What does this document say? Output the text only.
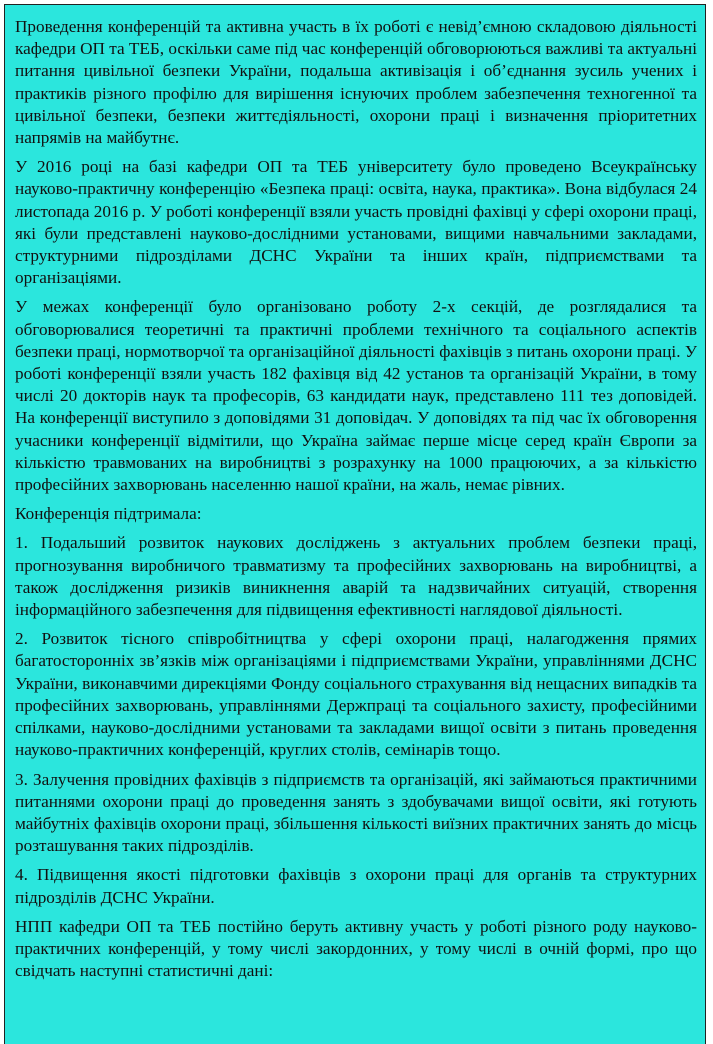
Проведення конференцій та активна участь в їх роботі є невід’ємною складовою діяльності кафедри ОП та ТЕБ, оскільки саме під час конференцій обговорюються важливі та актуальні питання цивільної безпеки України, подальша активізація і об’єднання зусиль учених і практиків різного профілю для вирішення існуючих проблем забезпечення техногенної та цивільної безпеки, безпеки життєдіяльності, охорони праці і визначення пріоритетних напрямів на майбутнє.

У 2016 році на базі кафедри ОП та ТЕБ університету було проведено Всеукраїнську науково-практичну конференцію «Безпека праці: освіта, наука, практика». Вона відбулася 24 листопада 2016 р. У роботі конференції взяли участь провідні фахівці у сфері охорони праці, які були представлені науково-дослідними установами, вищими навчальними закладами, структурними підрозділами ДСНС України та інших країн, підприємствами та організаціями.

У межах конференції було організовано роботу 2-х секцій, де розглядалися та обговорювалися теоретичні та практичні проблеми технічного та соціального аспектів безпеки праці, нормотворчої та організаційної діяльності фахівців з питань охорони праці. У роботі конференції взяли участь 182 фахівця від 42 установ та організацій України, в тому числі 20 докторів наук та професорів, 63 кандидати наук, представлено 111 тез доповідей. На конференції виступило з доповідями 31 доповідач. У доповідях та під час їх обговорення учасники конференції відмітили, що Україна займає перше місце серед країн Європи за кількістю травмованих на виробництві з розрахунку на 1000 працюючих, а за кількістю професійних захворювань населенню нашої країни, на жаль, немає рівних.

Конференція підтримала:

1. Подальший розвиток наукових досліджень з актуальних проблем безпеки праці, прогнозування виробничого травматизму та професійних захворювань на виробництві, а також дослідження ризиків виникнення аварій та надзвичайних ситуацій, створення інформаційного забезпечення для підвищення ефективності наглядової діяльності.

2. Розвиток тісного співробітництва у сфері охорони праці, налагодження прямих багатосторонніх зв’язків між організаціями і підприємствами України, управліннями ДСНС України, виконавчими дирекціями Фонду соціального страхування від нещасних випадків та професійних захворювань, управліннями Держпраці та соціального захисту, професійними спілками, науково-дослідними установами та закладами вищої освіти з питань проведення науково-практичних конференцій, круглих столів, семінарів тощо.

3. Залучення провідних фахівців з підприємств та організацій, які займаються практичними питаннями охорони праці до проведення занять з здобувачами вищої освіти, які готують майбутніх фахівців охорони праці, збільшення кількості виїзних практичних занять до місць розташування таких підрозділів.

4. Підвищення якості підготовки фахівців з охорони праці для органів та структурних підрозділів ДСНС України.

НПП кафедри ОП та ТЕБ постійно беруть активну участь у роботі різного роду науково-практичних конференцій, у тому числі закордонних, у тому числі в очній формі, про що свідчать наступні статистичні дані:
